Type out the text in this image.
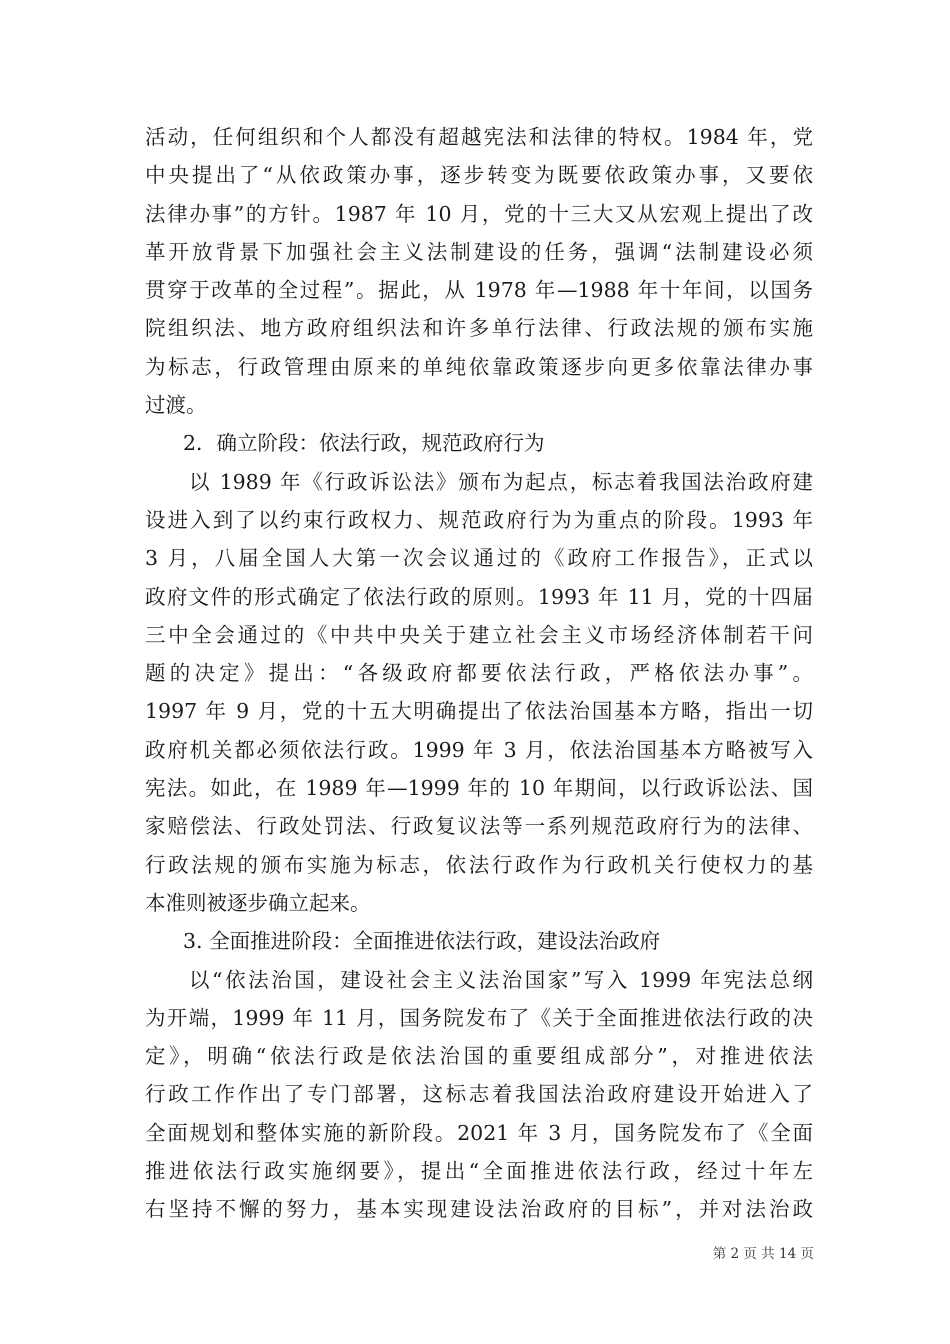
活动，任何组织和个人都没有超越宪法和法律的特权。1984 年，党
中央提出了“从依政策办事，逐步转变为既要依政策办事，又要依
法律办事”的方针。1987 年 10 月，党的十三大又从宏观上提出了改
革开放背景下加强社会主义法制建设的任务，强调“法制建设必须
贯穿于改革的全过程”。据此，从 1978 年—1988 年十年间，以国务
院组织法、地方政府组织法和许多单行法律、行政法规的颁布实施
为标志，行政管理由原来的单纯依靠政策逐步向更多依靠法律办事
过渡。
2．确立阶段：依法行政，规范政府行为
以 1989 年《行政诉讼法》颁布为起点，标志着我国法治政府建
设进入到了以约束行政权力、规范政府行为为重点的阶段。1993 年
3 月，八届全国人大第一次会议通过的《政府工作报告》，正式以
政府文件的形式确定了依法行政的原则。1993 年 11 月，党的十四届
三中全会通过的《中共中央关于建立社会主义市场经济体制若干问
题的决定》提出：“各级政府都要依法行政，严格依法办事”。
1997 年 9 月，党的十五大明确提出了依法治国基本方略，指出一切
政府机关都必须依法行政。1999 年 3 月，依法治国基本方略被写入
宪法。如此，在 1989 年—1999 年的 10 年期间，以行政诉讼法、国
家赔偿法、行政处罚法、行政复议法等一系列规范政府行为的法律、
行政法规的颁布实施为标志，依法行政作为行政机关行使权力的基
本准则被逐步确立起来。
3. 全面推进阶段：全面推进依法行政，建设法治政府
以“依法治国，建设社会主义法治国家”写入 1999 年宪法总纲
为开端，1999 年 11 月，国务院发布了《关于全面推进依法行政的决
定》，明确“依法行政是依法治国的重要组成部分”，对推进依法
行政工作作出了专门部署，这标志着我国法治政府建设开始进入了
全面规划和整体实施的新阶段。2021 年 3 月，国务院发布了《全面
推进依法行政实施纲要》，提出“全面推进依法行政，经过十年左
右坚持不懈的努力，基本实现建设法治政府的目标”，并对法治政
第 2 页 共 14 页
